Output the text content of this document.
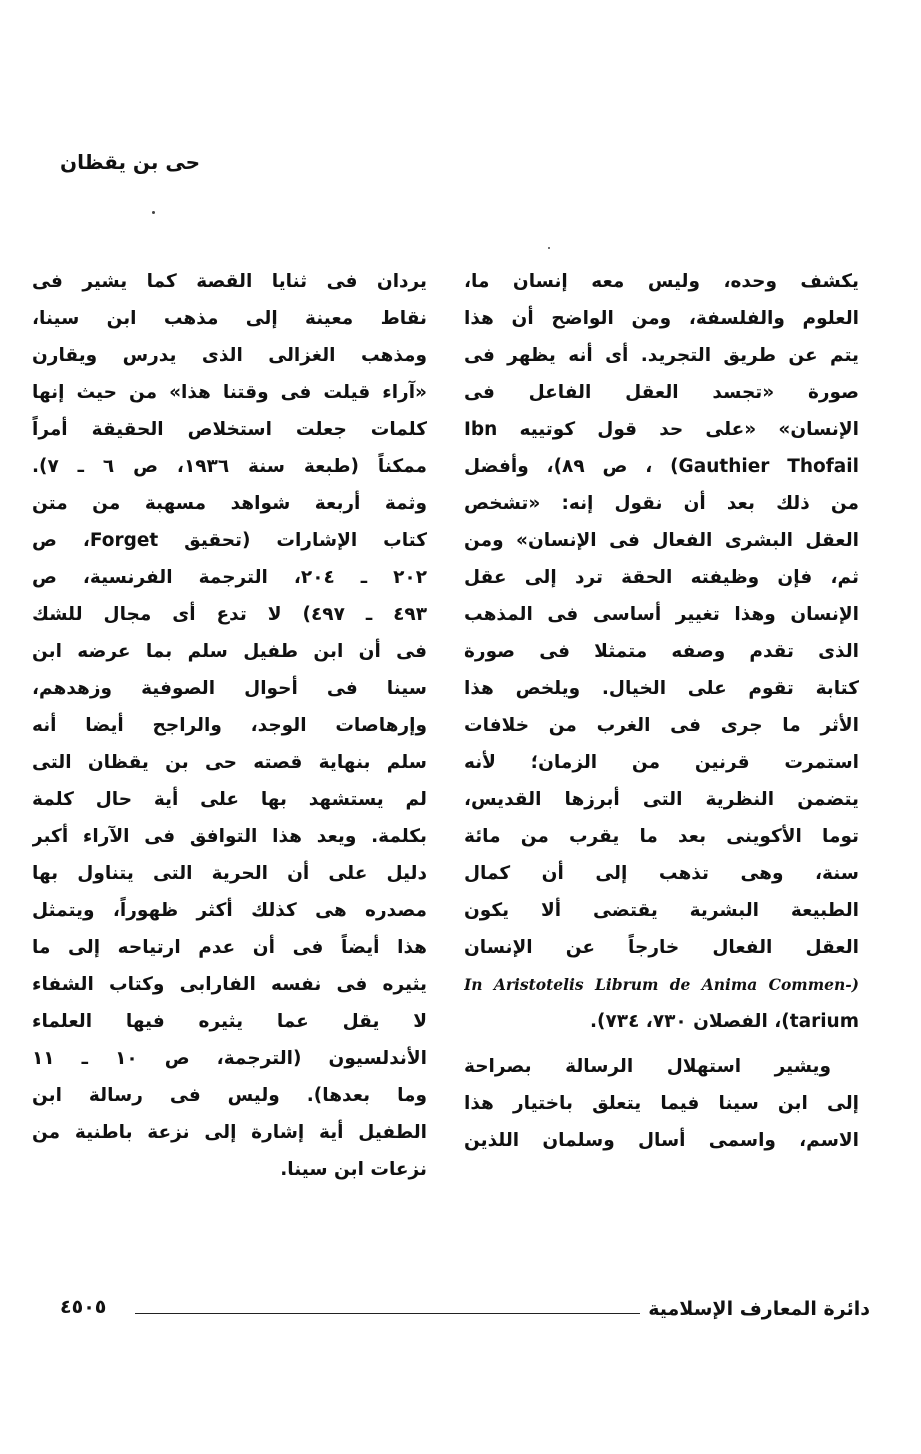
حى بن يقظان
يكشف وحده، وليس معه إنسان ما،
العلوم والفلسفة، ومن الواضح أن هذا
يتم عن طريق التجريد. أى أنه يظهر فى
صورة «تجسد العقل الفاعل فى
الإنسان» «على حد قول كوتييه Ibn
Gauthier Thofail) ، ص ٨٩)، وأفضل
من ذلك بعد أن نقول إنه: «تشخص
العقل البشرى الفعال فى الإنسان» ومن
ثم، فإن وظيفته الحقة ترد إلى عقل
الإنسان وهذا تغيير أساسى فى المذهب
الذى تقدم وصفه متمثلا فى صورة
كتابة تقوم على الخيال. ويلخص هذا
الأثر ما جرى فى الغرب من خلافات
استمرت قرنين من الزمان؛ لأنه
يتضمن النظرية التى أبرزها القديس،
توما الأكوينى بعد ما يقرب من مائة
سنة، وهى تذهب إلى أن كمال
الطبيعة البشرية يقتضى ألا يكون
العقل الفعال خارجاً عن الإنسان
In Aristotelis Librum de Anima Commen-)
tarium)، الفصلان ٧٣٠، ٧٣٤).
ويشير استهلال الرسالة بصراحة
إلى ابن سينا فيما يتعلق باختيار هذا
الاسم، واسمى أسال وسلمان اللذين
يردان فى ثنايا القصة كما يشير فى
نقاط معينة إلى مذهب ابن سينا،
ومذهب الغزالى الذى يدرس ويقارن
«آراء قيلت فى وقتنا هذا» من حيث إنها
كلمات جعلت استخلاص الحقيقة أمراً
ممكناً (طبعة سنة ١٩٣٦، ص ٦ ـ ٧).
وثمة أربعة شواهد مسهبة من متن
كتاب الإشارات (تحقيق Forget، ص
٢٠٢ ـ ٢٠٤، الترجمة الفرنسية، ص
٤٩٣ ـ ٤٩٧) لا تدع أى مجال للشك
فى أن ابن طفيل سلم بما عرضه ابن
سينا فى أحوال الصوفية وزهدهم،
وإرهاصات الوجد، والراجح أيضا أنه
سلم بنهاية قصته حى بن يقظان التى
لم يستشهد بها على أية حال كلمة
بكلمة. ويعد هذا التوافق فى الآراء أكبر
دليل على أن الحرية التى يتناول بها
مصدره هى كذلك أكثر ظهوراً، ويتمثل
هذا أيضاً فى أن عدم ارتياحه إلى ما
يثيره فى نفسه الفارابى وكتاب الشفاء
لا يقل عما يثيره فيها العلماء
الأندلسيون (الترجمة، ص ١٠ ـ ١١
وما بعدها). وليس فى رسالة ابن
الطفيل أية إشارة إلى نزعة باطنية من
نزعات ابن سينا.
دائرة المعارف الإسلامية
٤٥٠٥
